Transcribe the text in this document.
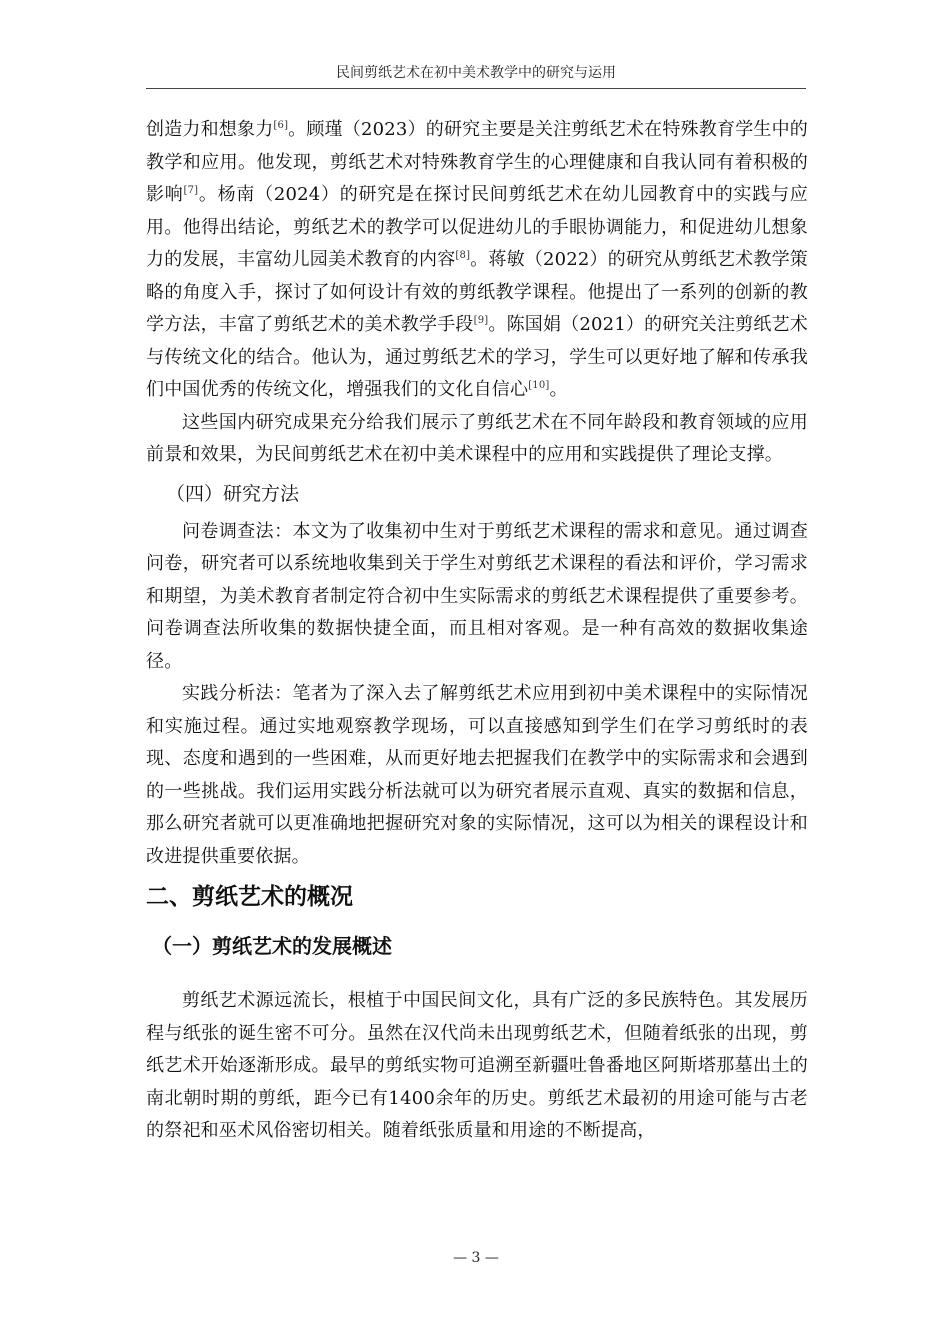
民间剪纸艺术在初中美术教学中的研究与运用

创造力和想象力[6]。顾瑾（2023）的研究主要是关注剪纸艺术在特殊教育学生中的教学和应用。他发现，剪纸艺术对特殊教育学生的心理健康和自我认同有着积极的影响[7]。杨南（2024）的研究是在探讨民间剪纸艺术在幼儿园教育中的实践与应用。他得出结论，剪纸艺术的教学可以促进幼儿的手眼协调能力，和促进幼儿想象力的发展，丰富幼儿园美术教育的内容[8]。蒋敏（2022）的研究从剪纸艺术教学策略的角度入手，探讨了如何设计有效的剪纸教学课程。他提出了一系列的创新的教学方法，丰富了剪纸艺术的美术教学手段[9]。陈国娟（2021）的研究关注剪纸艺术与传统文化的结合。他认为，通过剪纸艺术的学习，学生可以更好地了解和传承我们中国优秀的传统文化，增强我们的文化自信心[10]。

这些国内研究成果充分给我们展示了剪纸艺术在不同年龄段和教育领域的应用前景和效果，为民间剪纸艺术在初中美术课程中的应用和实践提供了理论支撑。

（四）研究方法

问卷调查法：本文为了收集初中生对于剪纸艺术课程的需求和意见。通过调查问卷，研究者可以系统地收集到关于学生对剪纸艺术课程的看法和评价，学习需求和期望，为美术教育者制定符合初中生实际需求的剪纸艺术课程提供了重要参考。问卷调查法所收集的数据快捷全面，而且相对客观。是一种有高效的数据收集途径。

实践分析法：笔者为了深入去了解剪纸艺术应用到初中美术课程中的实际情况和实施过程。通过实地观察教学现场，可以直接感知到学生们在学习剪纸时的表现、态度和遇到的一些困难，从而更好地去把握我们在教学中的实际需求和会遇到的一些挑战。我们运用实践分析法就可以为研究者展示直观、真实的数据和信息，那么研究者就可以更准确地把握研究对象的实际情况，这可以为相关的课程设计和改进提供重要依据。

二、剪纸艺术的概况
（一）剪纸艺术的发展概述

剪纸艺术源远流长，根植于中国民间文化，具有广泛的多民族特色。其发展历程与纸张的诞生密不可分。虽然在汉代尚未出现剪纸艺术，但随着纸张的出现，剪纸艺术开始逐渐形成。最早的剪纸实物可追溯至新疆吐鲁番地区阿斯塔那墓出土的南北朝时期的剪纸，距今已有1400余年的历史。剪纸艺术最初的用途可能与古老的祭祀和巫术风俗密切相关。随着纸张质量和用途的不断提高，

— 3 —
